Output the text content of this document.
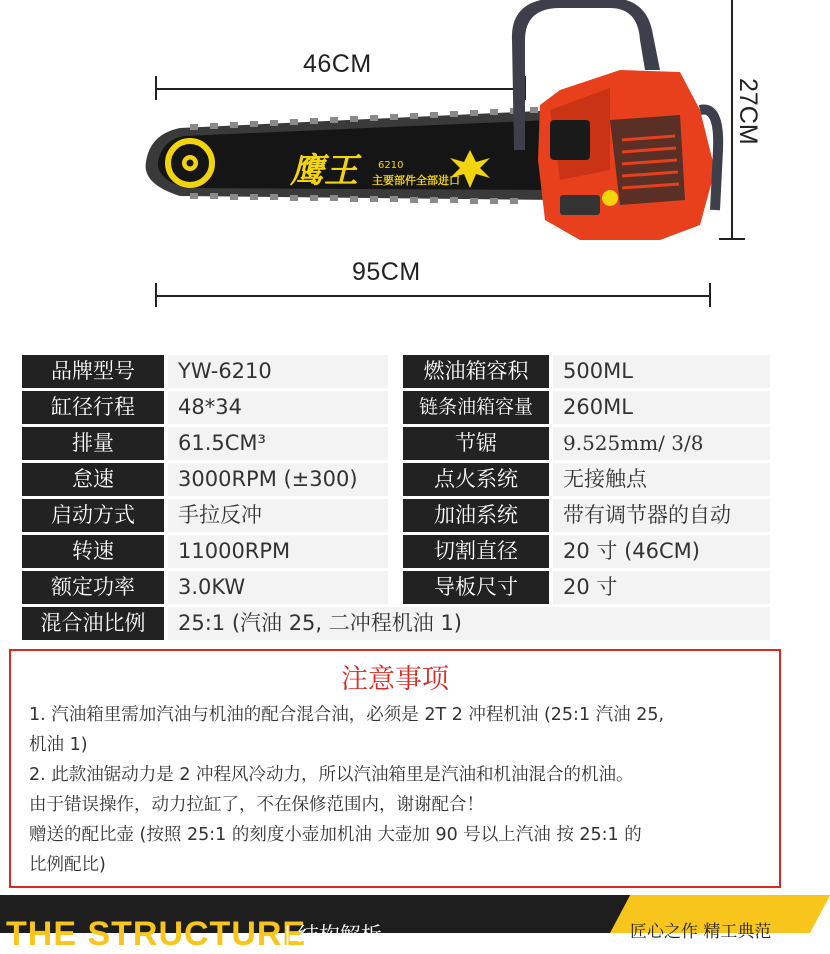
46CM
95CM
27CM
鹰王	6210
主要部件全部进口
品牌型号	YW-6210	燃油箱容积	500ML
缸径行程	48*34	链条油箱容量	260ML
排量	61.5CM³	节锯	9.525mm/ 3/8
怠速	3000RPM (±300)	点火系统	无接触点
启动方式	手拉反冲	加油系统	带有调节器的自动
转速	11000RPM	切割直径	20 寸 (46CM)
额定功率	3.0KW	导板尺寸	20 寸
混合油比例	25:1 (汽油 25, 二冲程机油 1)
注意事项
1. 汽油箱里需加汽油与机油的配合混合油，必须是 2T 2 冲程机油 (25:1 汽油 25,
机油 1)
2. 此款油锯动力是 2 冲程风冷动力，所以汽油箱里是汽油和机油混合的机油。
由于错误操作，动力拉缸了，不在保修范围内，谢谢配合！
赠送的配比壶 (按照 25:1 的刻度小壶加机油 大壶加 90 号以上汽油 按 25:1 的
比例配比)
THE STRUCTURE
| 结构解析	匠心之作 精工典范
